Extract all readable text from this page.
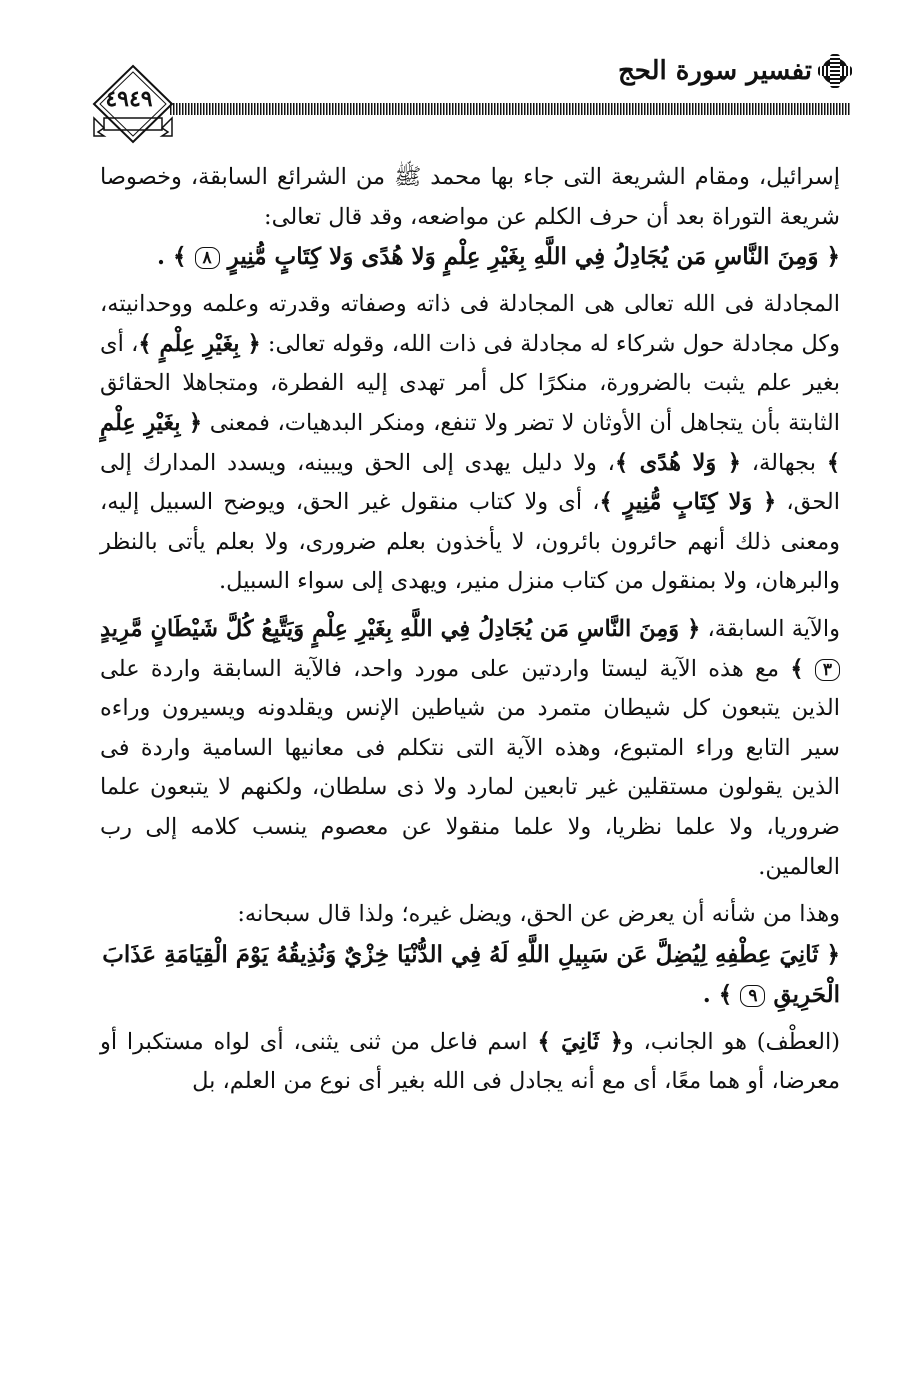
تفسير سورة الحج
٤٩٤٩

إسرائيل، ومقام الشريعة التى جاء بها محمد ﷺ من الشرائع السابقة، وخصوصا شريعة التوراة بعد أن حرف الكلم عن مواضعه، وقد قال تعالى:

﴿ وَمِنَ النَّاسِ مَن يُجَادِلُ فِي اللَّهِ بِغَيْرِ عِلْمٍ وَلا هُدًى وَلا كِتَابٍ مُّنِيرٍ ٨ ﴾ .

المجادلة فى الله تعالى هى المجادلة فى ذاته وصفاته وقدرته وعلمه ووحدانيته، وكل مجادلة حول شركاء له مجادلة فى ذات الله، وقوله تعالى: ﴿ بِغَيْرِ عِلْمٍ ﴾، أى بغير علم يثبت بالضرورة، منكرًا كل أمر تهدى إليه الفطرة، ومتجاهلا الحقائق الثابتة بأن يتجاهل أن الأوثان لا تضر ولا تنفع، ومنكر البدهيات، فمعنى ﴿ بِغَيْرِ عِلْمٍ ﴾ بجهالة، ﴿ وَلا هُدًى ﴾، ولا دليل يهدى إلى الحق ويبينه، ويسدد المدارك إلى الحق، ﴿ وَلا كِتَابٍ مُّنِيرٍ ﴾، أى ولا كتاب منقول غير الحق، ويوضح السبيل إليه، ومعنى ذلك أنهم حائرون بائرون، لا يأخذون بعلم ضرورى، ولا بعلم يأتى بالنظر والبرهان، ولا بمنقول من كتاب منزل منير، ويهدى إلى سواء السبيل.

والآية السابقة، ﴿ وَمِنَ النَّاسِ مَن يُجَادِلُ فِي اللَّهِ بِغَيْرِ عِلْمٍ وَيَتَّبِعُ كُلَّ شَيْطَانٍ مَّرِيدٍ ٣ ﴾ مع هذه الآية ليستا واردتين على مورد واحد، فالآية السابقة واردة على الذين يتبعون كل شيطان متمرد من شياطين الإنس ويقلدونه ويسيرون وراءه سير التابع وراء المتبوع، وهذه الآية التى نتكلم فى معانيها السامية واردة فى الذين يقولون مستقلين غير تابعين لمارد ولا ذى سلطان، ولكنهم لا يتبعون علما ضروريا، ولا علما نظريا، ولا علما منقولا عن معصوم ينسب كلامه إلى رب العالمين.

وهذا من شأنه أن يعرض عن الحق، ويضل غيره؛ ولذا قال سبحانه:

﴿ ثَانِيَ عِطْفِهِ لِيُضِلَّ عَن سَبِيلِ اللَّهِ لَهُ فِي الدُّنْيَا خِزْيٌ وَنُذِيقُهُ يَوْمَ الْقِيَامَةِ عَذَابَ الْحَرِيقِ ٩ ﴾ .

(العطْف) هو الجانب، و﴿ ثَانِيَ ﴾ اسم فاعل من ثنى يثنى، أى لواه مستكبرا أو معرضا، أو هما معًا، أى مع أنه يجادل فى الله بغير أى نوع من العلم، بل
